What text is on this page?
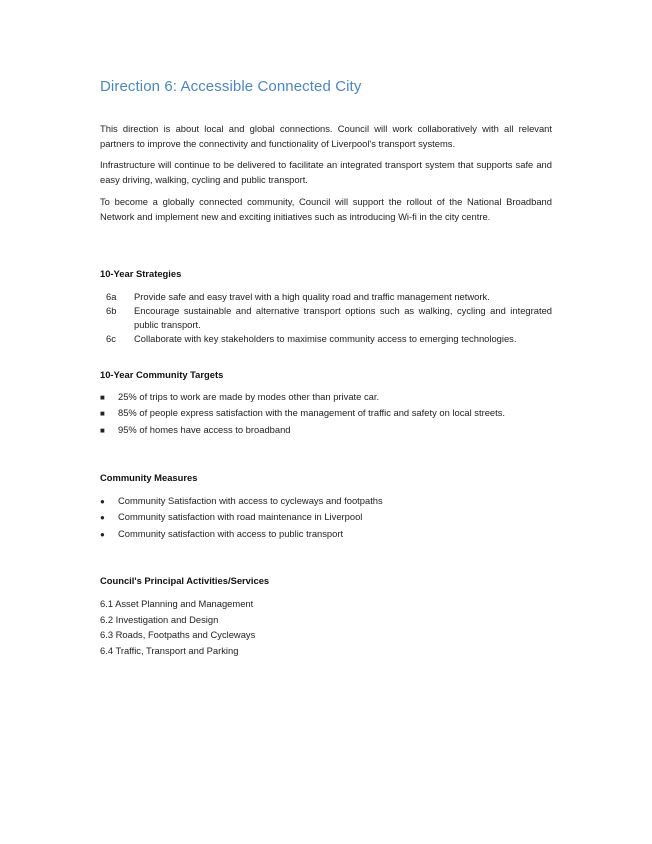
Direction 6: Accessible Connected City

This direction is about local and global connections. Council will work collaboratively with all relevant partners to improve the connectivity and functionality of Liverpool's transport systems.

Infrastructure will continue to be delivered to facilitate an integrated transport system that supports safe and easy driving, walking, cycling and public transport.

To become a globally connected community, Council will support the rollout of the National Broadband Network and implement new and exciting initiatives such as introducing Wi-fi in the city centre.

10-Year Strategies
6a Provide safe and easy travel with a high quality road and traffic management network.
6b Encourage sustainable and alternative transport options such as walking, cycling and integrated public transport.
6c Collaborate with key stakeholders to maximise community access to emerging technologies.
10-Year Community Targets
■ 25% of trips to work are made by modes other than private car.
■ 85% of people express satisfaction with the management of traffic and safety on local streets.
■ 95% of homes have access to broadband
Community Measures
● Community Satisfaction with access to cycleways and footpaths
● Community satisfaction with road maintenance in Liverpool
● Community satisfaction with access to public transport
Council's Principal Activities/Services
6.1 Asset Planning and Management
6.2 Investigation and Design
6.3 Roads, Footpaths and Cycleways
6.4 Traffic, Transport and Parking
